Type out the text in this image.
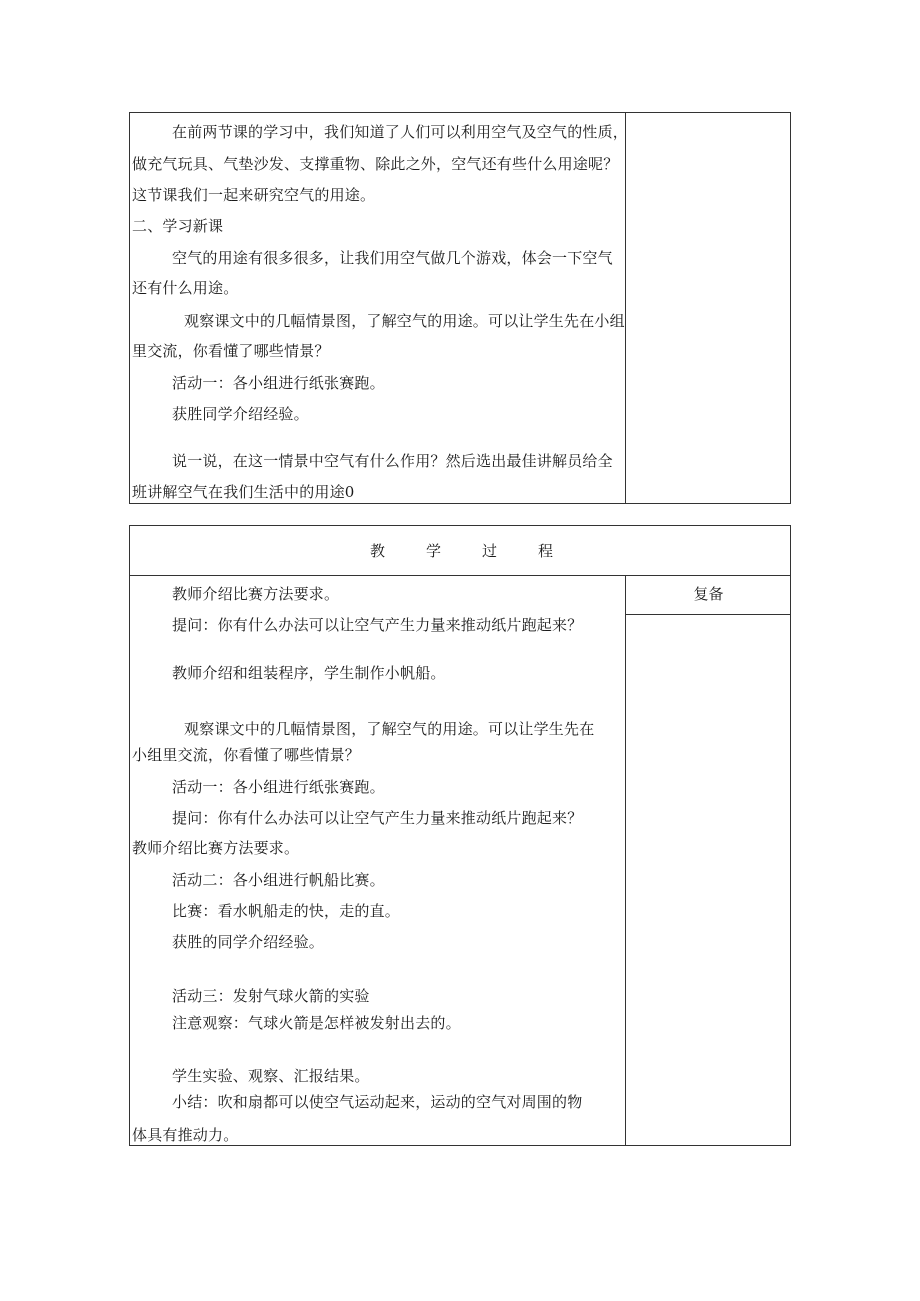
在前两节课的学习中，我们知道了人们可以利用空气及空气的性质，
做充气玩具、气垫沙发、支撑重物、除此之外，空气还有些什么用途呢？
这节课我们一起来研究空气的用途。
二、学习新课
空气的用途有很多很多，让我们用空气做几个游戏，体会一下空气
还有什么用途。
观察课文中的几幅情景图，了解空气的用途。可以让学生先在小组
里交流，你看懂了哪些情景？
活动一：各小组进行纸张赛跑。
获胜同学介绍经验。
说一说，在这一情景中空气有什么作用？然后选出最佳讲解员给全
班讲解空气在我们生活中的用途0
教	学	过	程
复备
教师介绍比赛方法要求。
提问：你有什么办法可以让空气产生力量来推动纸片跑起来？
教师介绍和组装程序，学生制作小帆船。
观察课文中的几幅情景图，了解空气的用途。可以让学生先在
小组里交流，你看懂了哪些情景？
活动一：各小组进行纸张赛跑。
提问：你有什么办法可以让空气产生力量来推动纸片跑起来？
教师介绍比赛方法要求。
活动二：各小组进行帆船比赛。
比赛：看水帆船走的快，走的直。
获胜的同学介绍经验。
活动三：发射气球火箭的实验
注意观察：气球火箭是怎样被发射出去的。
学生实验、观察、汇报结果。
小结：吹和扇都可以使空气运动起来，运动的空气对周围的物
体具有推动力。
